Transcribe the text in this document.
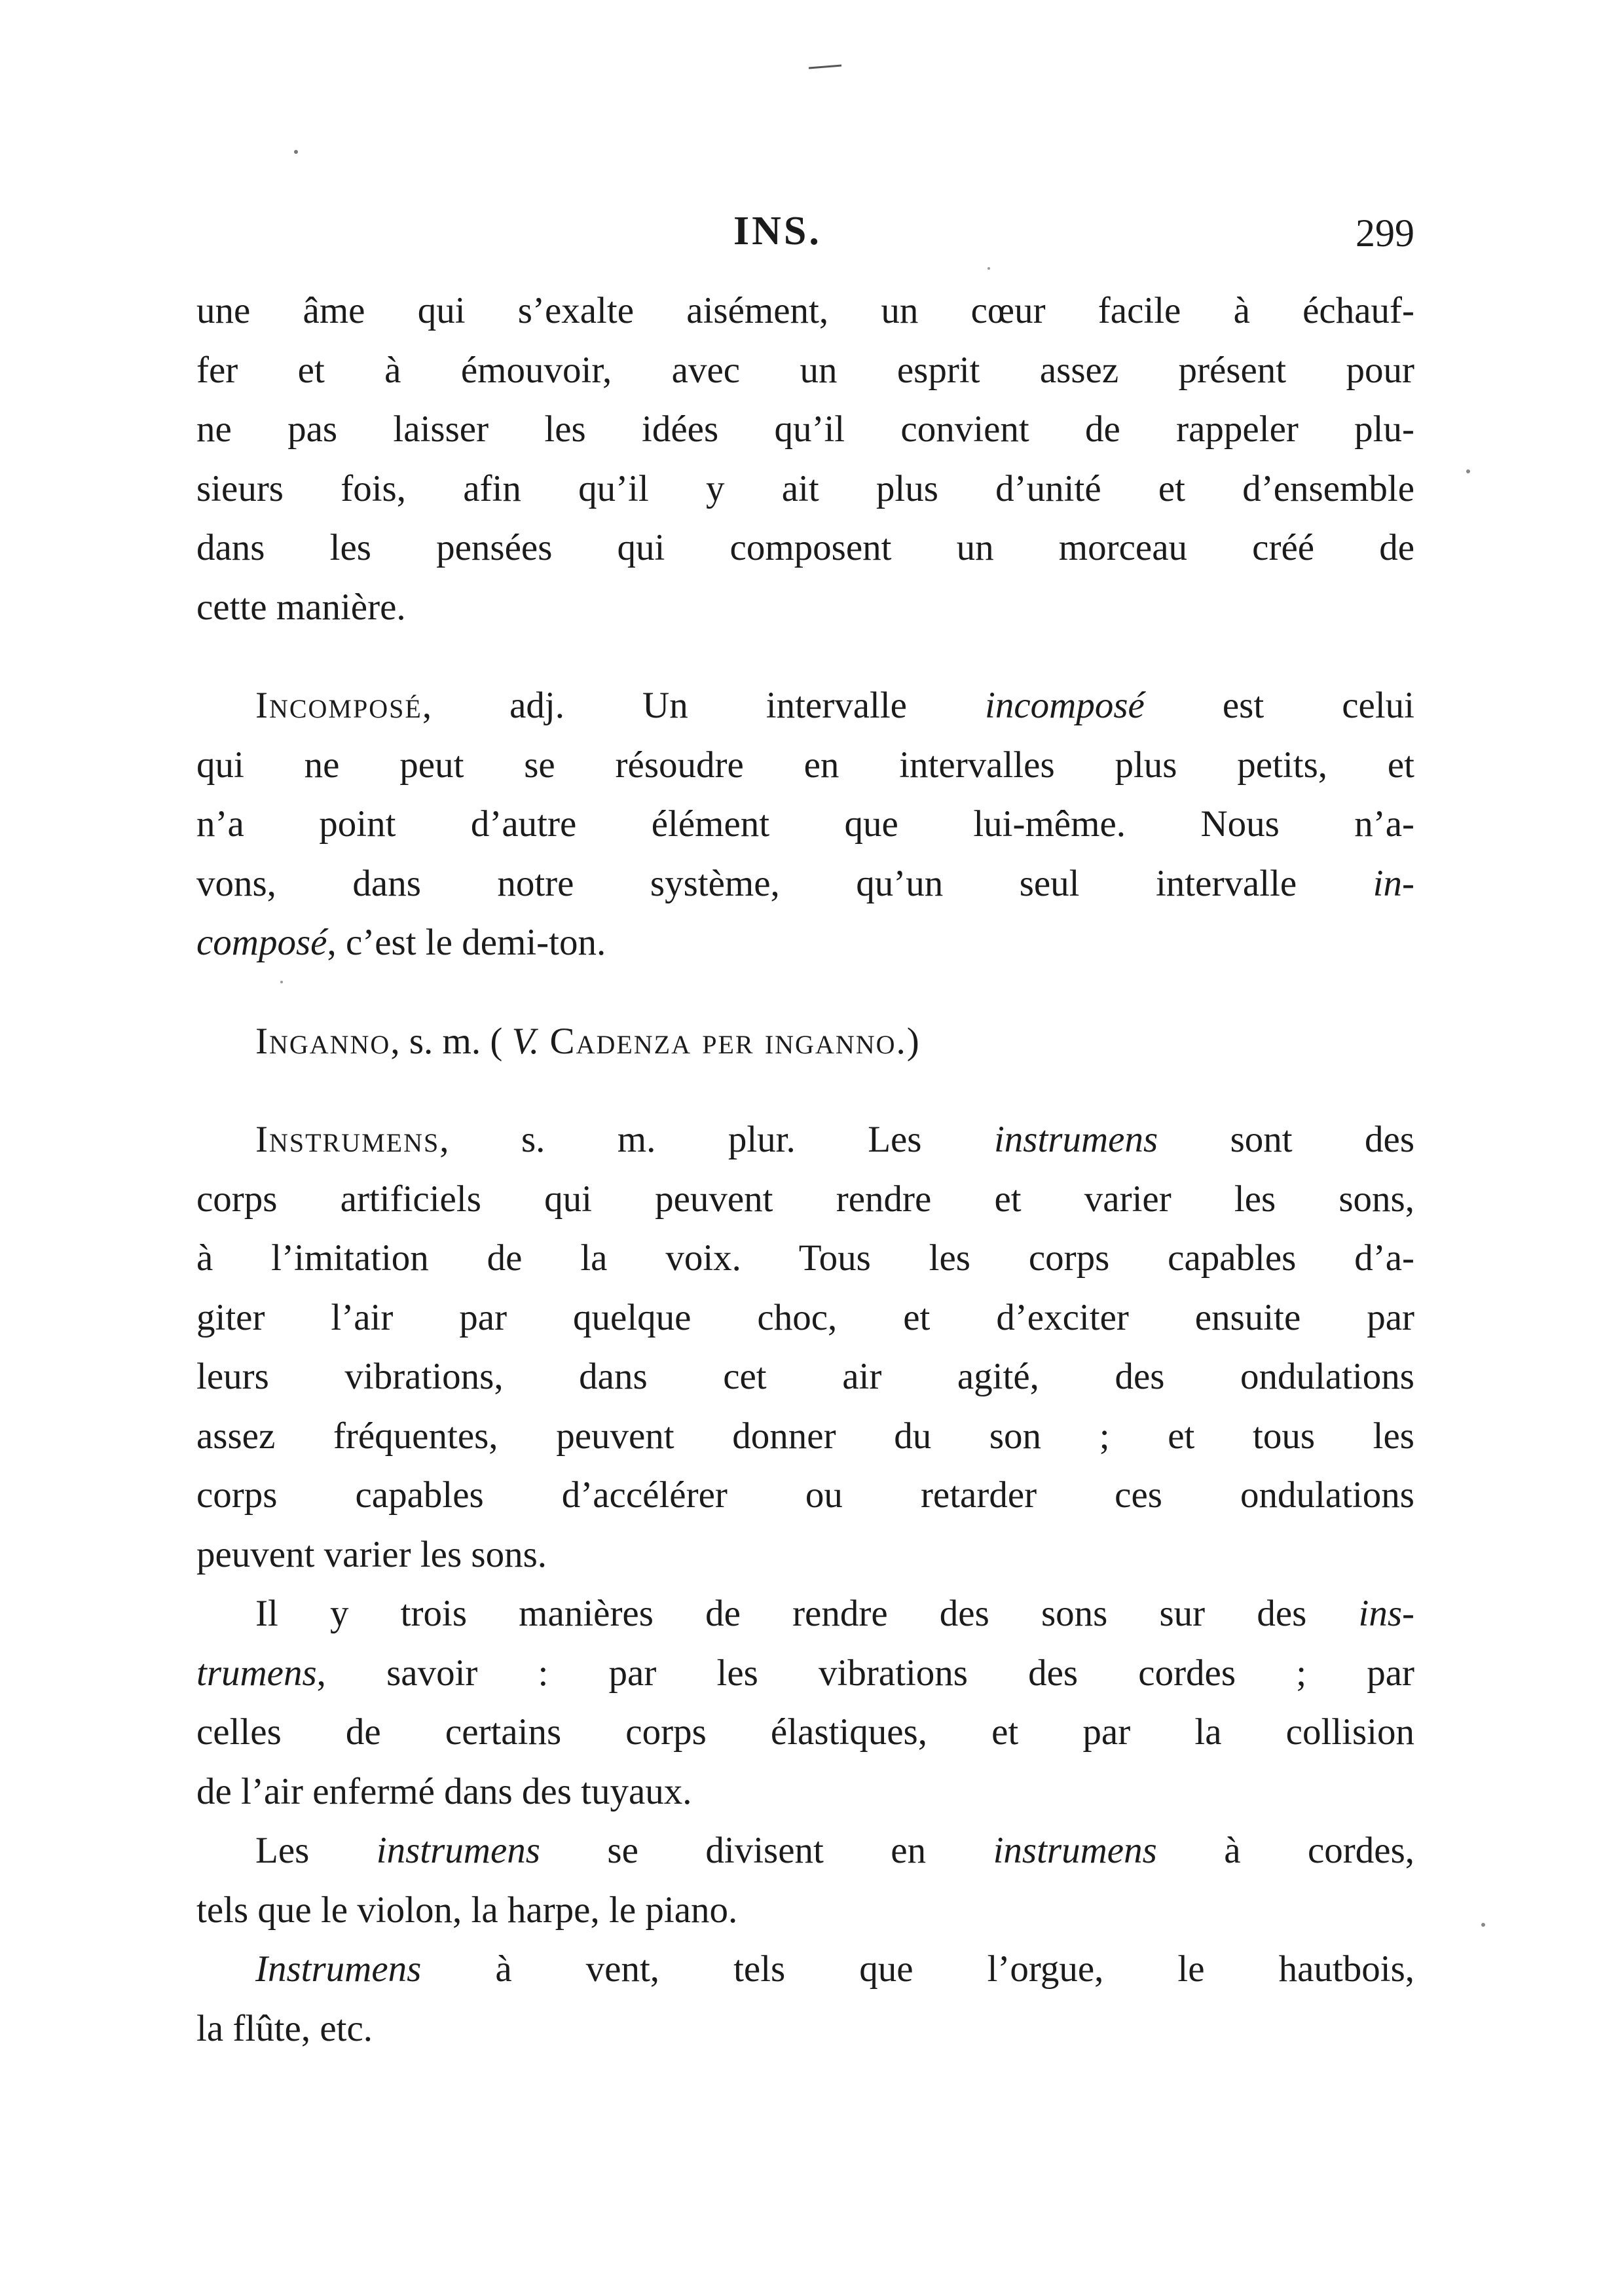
INS.	299
une âme qui s’exalte aisément, un cœur facile à échauf-
fer et à émouvoir, avec un esprit assez présent pour
ne pas laisser les idées qu’il convient de rappeler plu-
sieurs fois, afin qu’il y ait plus d’unité et d’ensemble
dans les pensées qui composent un morceau créé de
cette manière.
Incomposé, adj. Un intervalle incomposé est celui
qui ne peut se résoudre en intervalles plus petits, et
n’a point d’autre élément que lui-même. Nous n’a-
vons, dans notre système, qu’un seul intervalle in-
composé, c’est le demi-ton.
Inganno, s. m. ( V. Cadenza per inganno.)
Instrumens, s. m. plur. Les instrumens sont des
corps artificiels qui peuvent rendre et varier les sons,
à l’imitation de la voix. Tous les corps capables d’a-
giter l’air par quelque choc, et d’exciter ensuite par
leurs vibrations, dans cet air agité, des ondulations
assez fréquentes, peuvent donner du son ; et tous les
corps capables d’accélérer ou retarder ces ondulations
peuvent varier les sons.
Il y trois manières de rendre des sons sur des ins-
trumens, savoir : par les vibrations des cordes ; par
celles de certains corps élastiques, et par la collision
de l’air enfermé dans des tuyaux.
Les instrumens se divisent en instrumens à cordes,
tels que le violon, la harpe, le piano.
Instrumens à vent, tels que l’orgue, le hautbois,
la flûte, etc.
